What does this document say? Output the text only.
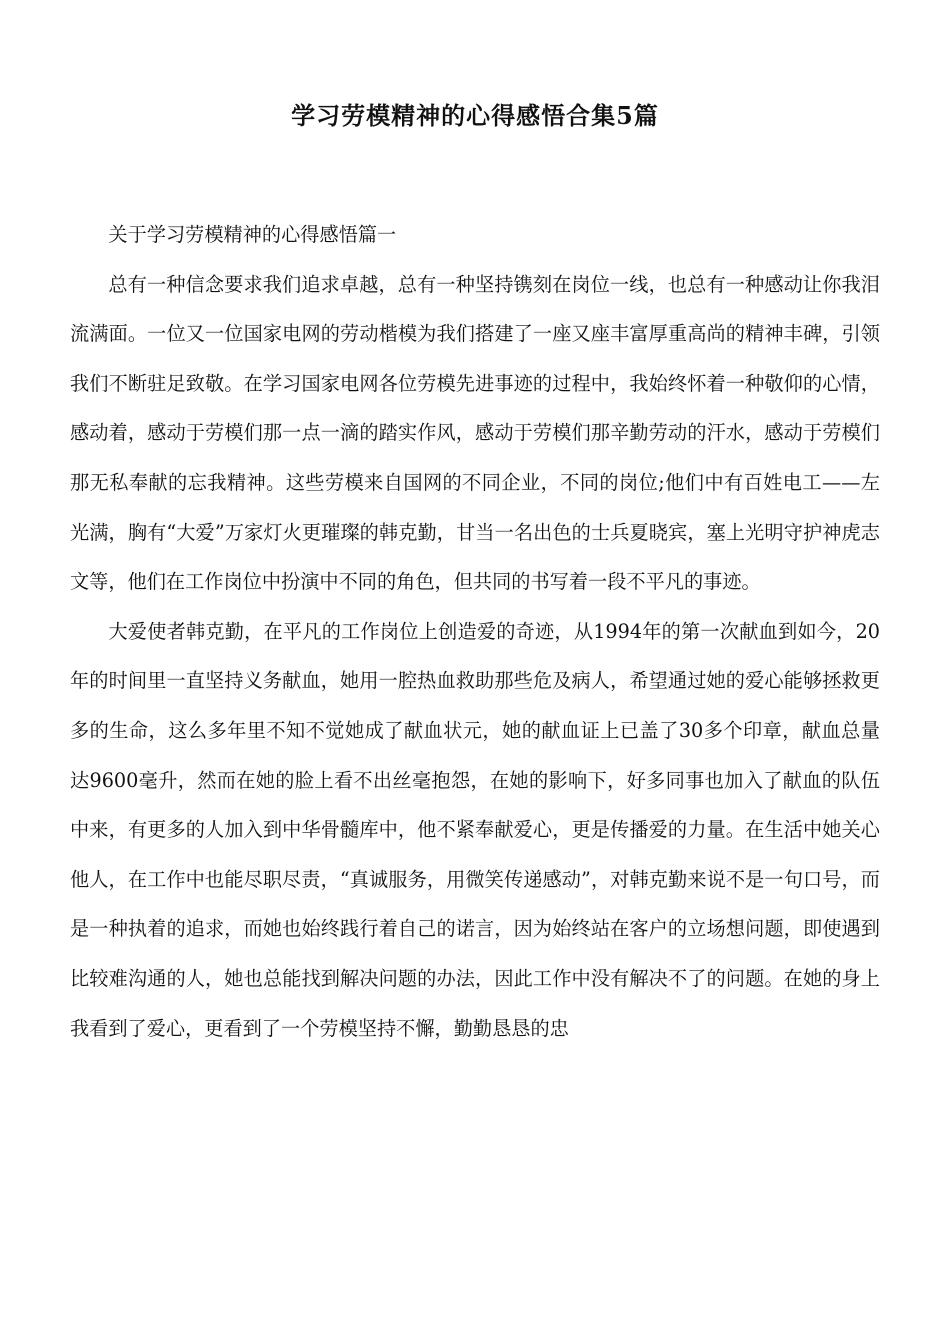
学习劳模精神的心得感悟合集5篇

关于学习劳模精神的心得感悟篇一

总有一种信念要求我们追求卓越，总有一种坚持镌刻在岗位一线，也总有一种感动让你我泪流满面。一位又一位国家电网的劳动楷模为我们搭建了一座又座丰富厚重高尚的精神丰碑，引领我们不断驻足致敬。在学习国家电网各位劳模先进事迹的过程中，我始终怀着一种敬仰的心情，感动着，感动于劳模们那一点一滴的踏实作风，感动于劳模们那辛勤劳动的汗水，感动于劳模们那无私奉献的忘我精神。这些劳模来自国网的不同企业，不同的岗位;他们中有百姓电工——左光满，胸有“大爱”万家灯火更璀璨的韩克勤，甘当一名出色的士兵夏晓宾，塞上光明守护神虎志文等，他们在工作岗位中扮演中不同的角色，但共同的书写着一段不平凡的事迹。

大爱使者韩克勤，在平凡的工作岗位上创造爱的奇迹，从1994年的第一次献血到如今，20年的时间里一直坚持义务献血，她用一腔热血救助那些危及病人，希望通过她的爱心能够拯救更多的生命，这么多年里不知不觉她成了献血状元，她的献血证上已盖了30多个印章，献血总量达9600毫升，然而在她的脸上看不出丝毫抱怨，在她的影响下，好多同事也加入了献血的队伍中来，有更多的人加入到中华骨髓库中，他不紧奉献爱心，更是传播爱的力量。在生活中她关心他人，在工作中也能尽职尽责，“真诚服务，用微笑传递感动”，对韩克勤来说不是一句口号，而是一种执着的追求，而她也始终践行着自己的诺言，因为始终站在客户的立场想问题，即使遇到比较难沟通的人，她也总能找到解决问题的办法，因此工作中没有解决不了的问题。在她的身上我看到了爱心，更看到了一个劳模坚持不懈，勤勤恳恳的忠
